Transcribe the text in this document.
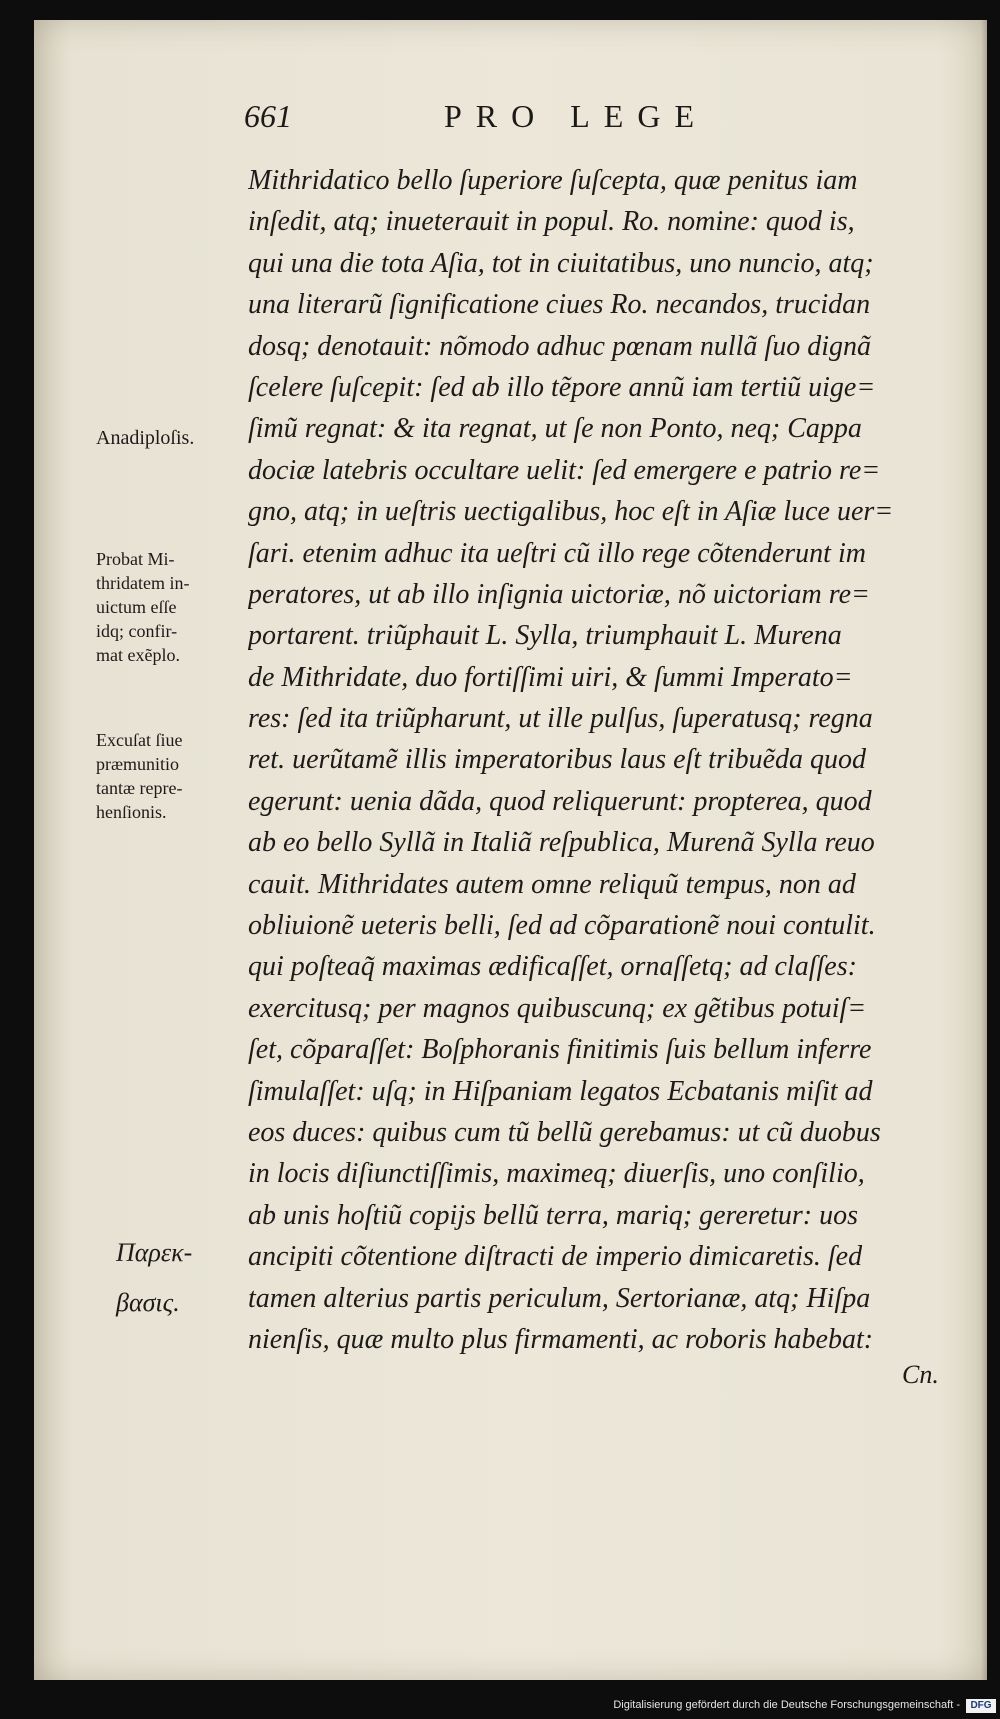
661	PRO LEGE
Anadiploſis.
Probat Mi-
thridatem in-
uictum eſſe
idq; confir-
mat exẽplo.
Excuſat ſiue
præmunitio
tantæ repre-
henſionis.
Παρεκ-
βασις.
Mithridatico bello ſuperiore ſuſcepta, quæ penitus iam
inſedit, atq; inueterauit in popul. Ro. nomine: quod is,
qui una die tota Aſia, tot in ciuitatibus, uno nuncio, atq;
una literarũ ſignificatione ciues Ro. necandos, trucidan
dosq; denotauit: nõmodo adhuc pœnam nullã ſuo dignã
ſcelere ſuſcepit: ſed ab illo tẽpore annũ iam tertiũ uige=
ſimũ regnat: & ita regnat, ut ſe non Ponto, neq; Cappa
dociæ latebris occultare uelit: ſed emergere e patrio re=
gno, atq; in ueſtris uectigalibus, hoc eſt in Aſiæ luce uer=
ſari. etenim adhuc ita ueſtri cũ illo rege cõtenderunt im
peratores, ut ab illo inſignia uictoriæ, nõ uictoriam re=
portarent. triũphauit L. Sylla, triumphauit L. Murena
de Mithridate, duo fortiſſimi uiri, & ſummi Imperato=
res: ſed ita triũpharunt, ut ille pulſus, ſuperatusq; regna
ret. uerũtamẽ illis imperatoribus laus eſt tribuẽda quod
egerunt: uenia dãda, quod reliquerunt: propterea, quod
ab eo bello Syllã in Italiã reſpublica, Murenã Sylla reuo
cauit. Mithridates autem omne reliquũ tempus, non ad
obliuionẽ ueteris belli, ſed ad cõparationẽ noui contulit.
qui poſteaq̃ maximas ædificaſſet, ornaſſetq; ad claſſes:
exercitusq; per magnos quibuscunq; ex gẽtibus potuiſ=
ſet, cõparaſſet: Boſphoranis finitimis ſuis bellum inferre
ſimulaſſet: uſq; in Hiſpaniam legatos Ecbatanis miſit ad
eos duces: quibus cum tũ bellũ gerebamus: ut cũ duobus
in locis diſiunctiſſimis, maximeq; diuerſis, uno conſilio,
ab unis hoſtiũ copijs bellũ terra, mariq; gereretur: uos
ancipiti cõtentione diſtracti de imperio dimicaretis. ſed
tamen alterius partis periculum, Sertorianæ, atq; Hiſpa
nienſis, quæ multo plus firmamenti, ac roboris habebat:
Cn.
Digitalisierung gefördert durch die Deutsche Forschungsgemeinschaft -	DFG
